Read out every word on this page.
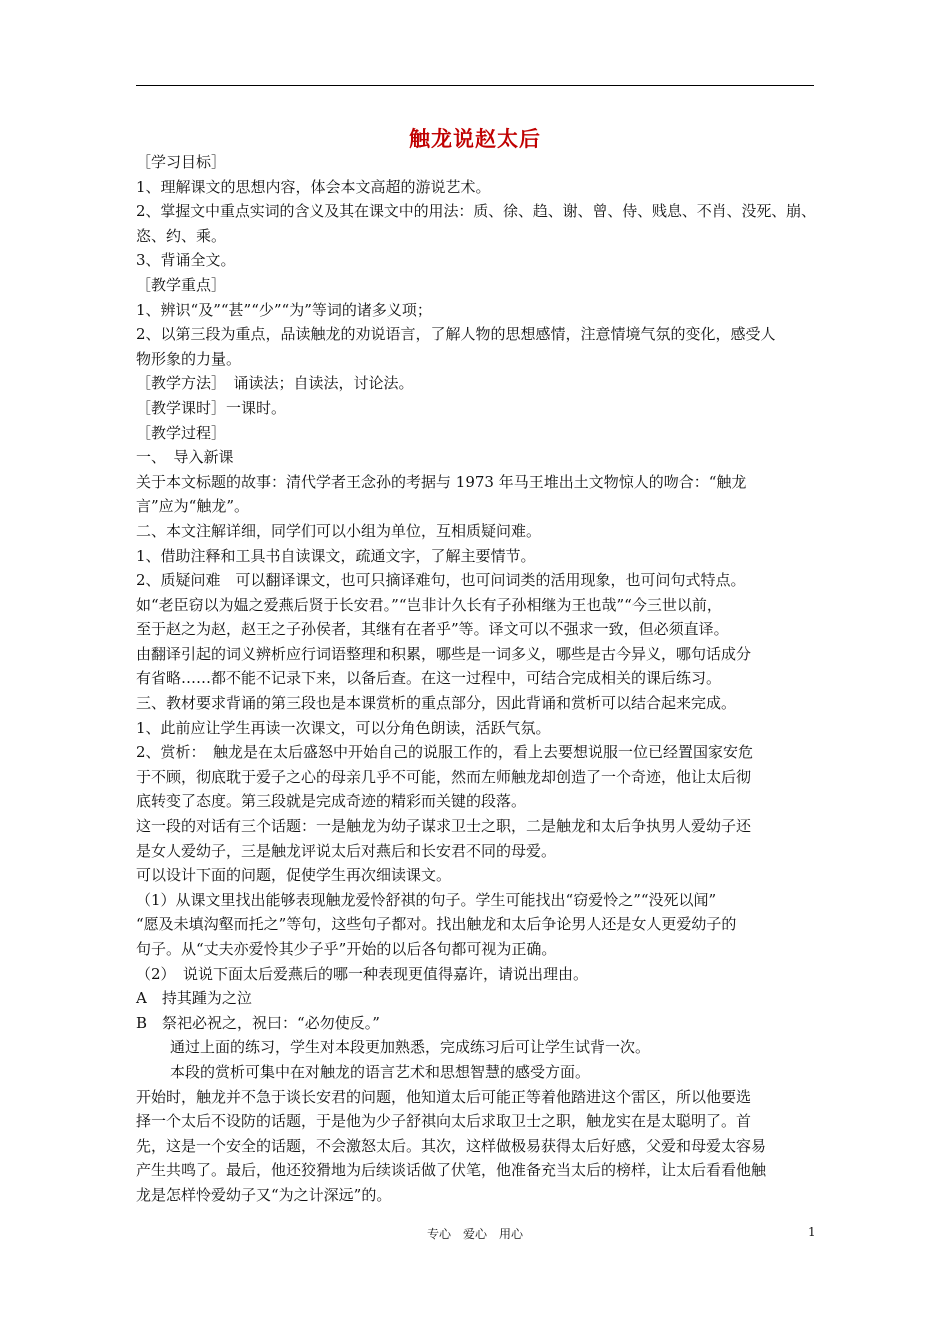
触龙说赵太后

［学习目标］

1、理解课文的思想内容，体会本文高超的游说艺术。

2、掌握文中重点实词的含义及其在课文中的用法：质、徐、趋、谢、曾、侍、贱息、不肖、没死、崩、

恣、约、乘。

3、背诵全文。

［教学重点］

1、辨识“及”“甚”“少”“为”等词的诸多义项；

2、以第三段为重点，品读触龙的劝说语言，了解人物的思想感情，注意情境气氛的变化，感受人

物形象的力量。

［教学方法］　诵读法；自读法，讨论法。

［教学课时］一课时。

［教学过程］

一、　导入新课

关于本文标题的故事：清代学者王念孙的考据与 1973 年马王堆出土文物惊人的吻合：“触龙

言”应为“触龙”。

二、本文注解详细，同学们可以小组为单位，互相质疑问难。

1、借助注释和工具书自读课文，疏通文字，了解主要情节。

2、质疑问难　可以翻译课文，也可只摘译难句，也可问词类的活用现象，也可问句式特点。

如“老臣窃以为媪之爱燕后贤于长安君。”“岂非计久长有子孙相继为王也哉”“今三世以前，

至于赵之为赵，赵王之子孙侯者，其继有在者乎”等。译文可以不强求一致，但必须直译。

由翻译引起的词义辨析应行词语整理和积累，哪些是一词多义，哪些是古今异义，哪句话成分

有省略……都不能不记录下来，以备后查。在这一过程中，可结合完成相关的课后练习。

三、教材要求背诵的第三段也是本课赏析的重点部分，因此背诵和赏析可以结合起来完成。

1、此前应让学生再读一次课文，可以分角色朗读，活跃气氛。

2、赏析：　触龙是在太后盛怒中开始自己的说服工作的，看上去要想说服一位已经置国家安危

于不顾，彻底耽于爱子之心的母亲几乎不可能，然而左师触龙却创造了一个奇迹，他让太后彻

底转变了态度。第三段就是完成奇迹的精彩而关键的段落。

这一段的对话有三个话题：一是触龙为幼子谋求卫士之职，二是触龙和太后争执男人爱幼子还

是女人爱幼子，三是触龙评说太后对燕后和长安君不同的母爱。

可以设计下面的问题，促使学生再次细读课文。

（1）从课文里找出能够表现触龙爱怜舒祺的句子。学生可能找出“窃爱怜之”“没死以闻”

“愿及未填沟壑而托之”等句，这些句子都对。找出触龙和太后争论男人还是女人更爱幼子的

句子。从“丈夫亦爱怜其少子乎”开始的以后各句都可视为正确。

（2）　说说下面太后爱燕后的哪一种表现更值得嘉许，请说出理由。

A　持其踵为之泣

B　祭祀必祝之，祝曰：“必勿使反。”

通过上面的练习，学生对本段更加熟悉，完成练习后可让学生试背一次。

本段的赏析可集中在对触龙的语言艺术和思想智慧的感受方面。

开始时，触龙并不急于谈长安君的问题，他知道太后可能正等着他踏进这个雷区，所以他要选

择一个太后不设防的话题，于是他为少子舒祺向太后求取卫士之职，触龙实在是太聪明了。首

先，这是一个安全的话题，不会激怒太后。其次，这样做极易获得太后好感，父爱和母爱太容易

产生共鸣了。最后，他还狡猾地为后续谈话做了伏笔，他准备充当太后的榜样，让太后看看他触

龙是怎样怜爱幼子又“为之计深远”的。

专心　爱心　用心	1
